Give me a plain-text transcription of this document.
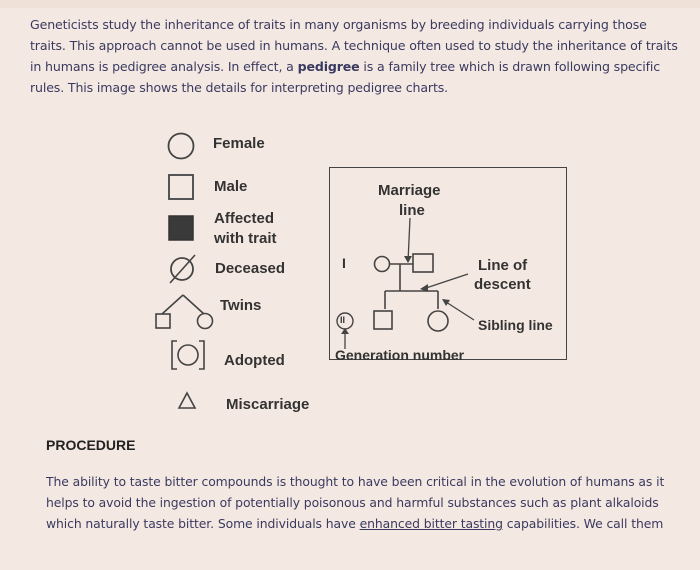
Geneticists study the inheritance of traits in many organisms by breeding individuals carrying those

traits. This approach cannot be used in humans. A technique often used to study the inheritance of traits

in humans is pedigree analysis. In effect, a pedigree is a family tree which is drawn following specific

rules. This image shows the details for interpreting pedigree charts.

Female
Male
Affected
with trait
Deceased
Twins
Adopted
Miscarriage
Marriage
line
I
II
Line of
descent
Sibling line
Generation number
PROCEDURE

The ability to taste bitter compounds is thought to have been critical in the evolution of humans as it

helps to avoid the ingestion of potentially poisonous and harmful substances such as plant alkaloids

which naturally taste bitter. Some individuals have enhanced bitter tasting capabilities. We call them
